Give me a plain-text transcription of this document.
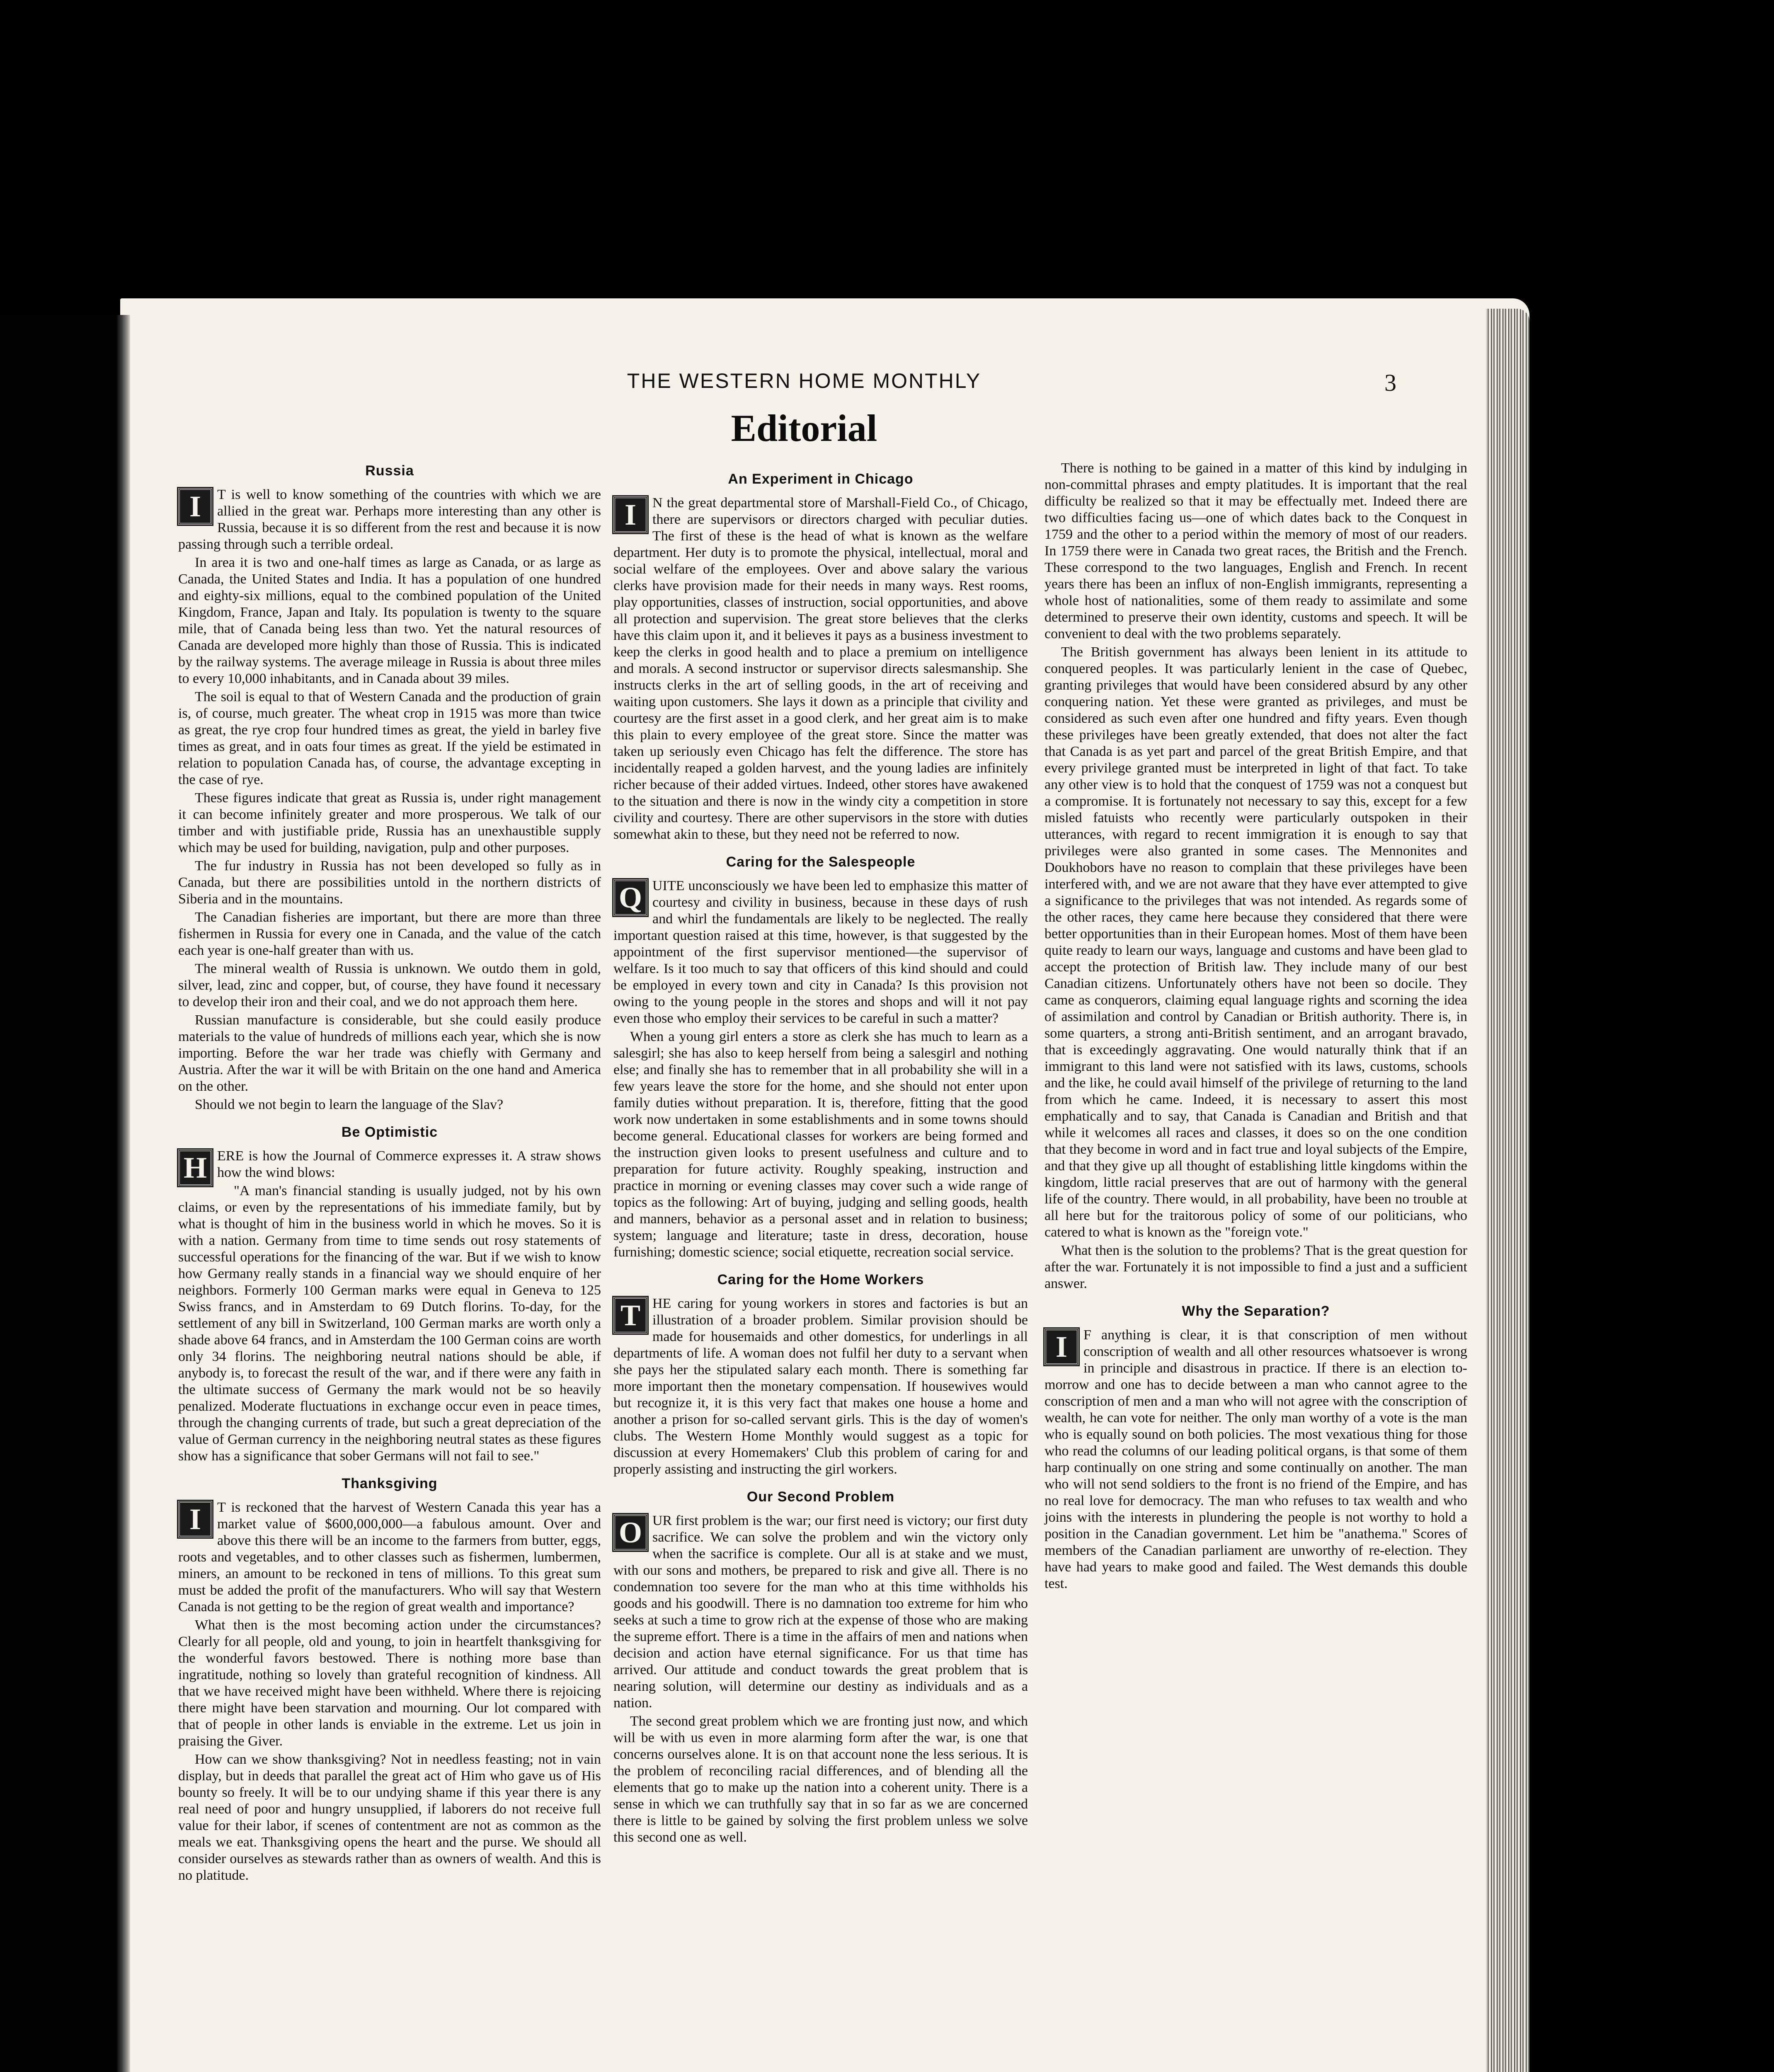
THE WESTERN HOME MONTHLY	3
Editorial
Russia
I	T is well to know something of the countries with which we are allied in the great war. Perhaps more interesting than any other is Russia, because it is so different from the rest and because it is now passing through such a terrible ordeal.

In area it is two and one-half times as large as Canada, or as large as Canada, the United States and India. It has a population of one hundred and eighty-six millions, equal to the combined population of the United Kingdom, France, Japan and Italy. Its population is twenty to the square mile, that of Canada being less than two. Yet the natural resources of Canada are developed more highly than those of Russia. This is indicated by the railway systems. The average mileage in Russia is about three miles to every 10,000 inhabitants, and in Canada about 39 miles.

The soil is equal to that of Western Canada and the production of grain is, of course, much greater. The wheat crop in 1915 was more than twice as great, the rye crop four hundred times as great, the yield in barley five times as great, and in oats four times as great. If the yield be estimated in relation to population Canada has, of course, the advantage excepting in the case of rye.

These figures indicate that great as Russia is, under right management it can become infinitely greater and more prosperous. We talk of our timber and with justifiable pride, Russia has an unexhaustible supply which may be used for building, navigation, pulp and other purposes.

The fur industry in Russia has not been developed so fully as in Canada, but there are possibilities untold in the northern districts of Siberia and in the mountains.

The Canadian fisheries are important, but there are more than three fishermen in Russia for every one in Canada, and the value of the catch each year is one-half greater than with us.

The mineral wealth of Russia is unknown. We outdo them in gold, silver, lead, zinc and copper, but, of course, they have found it necessary to develop their iron and their coal, and we do not approach them here.

Russian manufacture is considerable, but she could easily produce materials to the value of hundreds of millions each year, which she is now importing. Before the war her trade was chiefly with Germany and Austria. After the war it will be with Britain on the one hand and America on the other.

Should we not begin to learn the language of the Slav?

Be Optimistic
H ERE is how the Journal of Commerce expresses it. A straw shows how the wind blows:

"A man's financial standing is usually judged, not by his own claims, or even by the representations of his immediate family, but by what is thought of him in the business world in which he moves. So it is with a nation. Germany from time to time sends out rosy statements of successful operations for the financing of the war. But if we wish to know how Germany really stands in a financial way we should enquire of her neighbors. Formerly 100 German marks were equal in Geneva to 125 Swiss francs, and in Amsterdam to 69 Dutch florins. To-day, for the settlement of any bill in Switzerland, 100 German marks are worth only a shade above 64 francs, and in Amsterdam the 100 German coins are worth only 34 florins. The neighboring neutral nations should be able, if anybody is, to forecast the result of the war, and if there were any faith in the ultimate success of Germany the mark would not be so heavily penalized. Moderate fluctuations in exchange occur even in peace times, through the changing currents of trade, but such a great depreciation of the value of German currency in the neighboring neutral states as these figures show has a significance that sober Germans will not fail to see."

Thanksgiving
I	T is reckoned that the harvest of Western Canada this year has a market value of $600,000,000—a fabulous amount. Over and above this there will be an income to the farmers from butter, eggs, roots and vegetables, and to other classes such as fishermen, lumbermen, miners, an amount to be reckoned in tens of millions. To this great sum must be added the profit of the manufacturers. Who will say that Western Canada is not getting to be the region of great wealth and importance?

What then is the most becoming action under the circumstances? Clearly for all people, old and young, to join in heartfelt thanksgiving for the wonderful favors bestowed. There is nothing more base than ingratitude, nothing so lovely than grateful recognition of kindness. All that we have received might have been withheld. Where there is rejoicing there might have been starvation and mourning. Our lot compared with that of people in other lands is enviable in the extreme. Let us join in praising the Giver.

How can we show thanksgiving? Not in needless feasting; not in vain display, but in deeds that parallel the great act of Him who gave us of His bounty so freely. It will be to our undying shame if this year there is any real need of poor and hungry unsupplied, if laborers do not receive full value for their labor, if scenes of contentment are not as common as the meals we eat. Thanksgiving opens the heart and the purse. We should all consider ourselves as stewards rather than as owners of wealth. And this is no platitude.

An Experiment in Chicago
I	N the great departmental store of Marshall-Field Co., of Chicago, there are supervisors or directors charged with peculiar duties. The first of these is the head of what is known as the welfare department. Her duty is to promote the physical, intellectual, moral and social welfare of the employees. Over and above salary the various clerks have provision made for their needs in many ways. Rest rooms, play opportunities, classes of instruction, social opportunities, and above all protection and supervision. The great store believes that the clerks have this claim upon it, and it believes it pays as a business investment to keep the clerks in good health and to place a premium on intelligence and morals. A second instructor or supervisor directs salesmanship. She instructs clerks in the art of selling goods, in the art of receiving and waiting upon customers. She lays it down as a principle that civility and courtesy are the first asset in a good clerk, and her great aim is to make this plain to every employee of the great store. Since the matter was taken up seriously even Chicago has felt the difference. The store has incidentally reaped a golden harvest, and the young ladies are infinitely richer because of their added virtues. Indeed, other stores have awakened to the situation and there is now in the windy city a competition in store civility and courtesy. There are other supervisors in the store with duties somewhat akin to these, but they need not be referred to now.

Caring for the Salespeople
Q UITE unconsciously we have been led to emphasize this matter of courtesy and civility in business, because in these days of rush and whirl the fundamentals are likely to be neglected. The really important question raised at this time, however, is that suggested by the appointment of the first supervisor mentioned—the supervisor of welfare. Is it too much to say that officers of this kind should and could be employed in every town and city in Canada? Is this provision not owing to the young people in the stores and shops and will it not pay even those who employ their services to be careful in such a matter?

When a young girl enters a store as clerk she has much to learn as a salesgirl; she has also to keep herself from being a salesgirl and nothing else; and finally she has to remember that in all probability she will in a few years leave the store for the home, and she should not enter upon family duties without preparation. It is, therefore, fitting that the good work now undertaken in some establishments and in some towns should become general. Educational classes for workers are being formed and the instruction given looks to present usefulness and culture and to preparation for future activity. Roughly speaking, instruction and practice in morning or evening classes may cover such a wide range of topics as the following: Art of buying, judging and selling goods, health and manners, behavior as a personal asset and in relation to business; system; language and literature; taste in dress, decoration, house furnishing; domestic science; social etiquette, recreation social service.

Caring for the Home Workers
T HE caring for young workers in stores and factories is but an illustration of a broader problem. Similar provision should be made for housemaids and other domestics, for underlings in all departments of life. A woman does not fulfil her duty to a servant when she pays her the stipulated salary each month. There is something far more important then the monetary compensation. If housewives would but recognize it, it is this very fact that makes one house a home and another a prison for so-called servant girls. This is the day of women's clubs. The Western Home Monthly would suggest as a topic for discussion at every Homemakers' Club this problem of caring for and properly assisting and instructing the girl workers.

Our Second Problem
O UR first problem is the war; our first need is victory; our first duty sacrifice. We can solve the problem and win the victory only when the sacrifice is complete. Our all is at stake and we must, with our sons and mothers, be prepared to risk and give all. There is no condemnation too severe for the man who at this time withholds his goods and his goodwill. There is no damnation too extreme for him who seeks at such a time to grow rich at the expense of those who are making the supreme effort. There is a time in the affairs of men and nations when decision and action have eternal significance. For us that time has arrived. Our attitude and conduct towards the great problem that is nearing solution, will determine our destiny as individuals and as a nation.

The second great problem which we are fronting just now, and which will be with us even in more alarming form after the war, is one that concerns ourselves alone. It is on that account none the less serious. It is the problem of reconciling racial differences, and of blending all the elements that go to make up the nation into a coherent unity. There is a sense in which we can truthfully say that in so far as we are concerned there is little to be gained by solving the first problem unless we solve this second one as well.

There is nothing to be gained in a matter of this kind by indulging in non-committal phrases and empty platitudes. It is important that the real difficulty be realized so that it may be effectually met. Indeed there are two difficulties facing us—one of which dates back to the Conquest in 1759 and the other to a period within the memory of most of our readers. In 1759 there were in Canada two great races, the British and the French. These correspond to the two languages, English and French. In recent years there has been an influx of non-English immigrants, representing a whole host of nationalities, some of them ready to assimilate and some determined to preserve their own identity, customs and speech. It will be convenient to deal with the two problems separately.

The British government has always been lenient in its attitude to conquered peoples. It was particularly lenient in the case of Quebec, granting privileges that would have been considered absurd by any other conquering nation. Yet these were granted as privileges, and must be considered as such even after one hundred and fifty years. Even though these privileges have been greatly extended, that does not alter the fact that Canada is as yet part and parcel of the great British Empire, and that every privilege granted must be interpreted in light of that fact. To take any other view is to hold that the conquest of 1759 was not a conquest but a compromise. It is fortunately not necessary to say this, except for a few misled fatuists who recently were particularly outspoken in their utterances, with regard to recent immigration it is enough to say that privileges were also granted in some cases. The Mennonites and Doukhobors have no reason to complain that these privileges have been interfered with, and we are not aware that they have ever attempted to give a significance to the privileges that was not intended. As regards some of the other races, they came here because they considered that there were better opportunities than in their European homes. Most of them have been quite ready to learn our ways, language and customs and have been glad to accept the protection of British law. They include many of our best Canadian citizens. Unfortunately others have not been so docile. They came as conquerors, claiming equal language rights and scorning the idea of assimilation and control by Canadian or British authority. There is, in some quarters, a strong anti-British sentiment, and an arrogant bravado, that is exceedingly aggravating. One would naturally think that if an immigrant to this land were not satisfied with its laws, customs, schools and the like, he could avail himself of the privilege of returning to the land from which he came. Indeed, it is necessary to assert this most emphatically and to say, that Canada is Canadian and British and that while it welcomes all races and classes, it does so on the one condition that they become in word and in fact true and loyal subjects of the Empire, and that they give up all thought of establishing little kingdoms within the kingdom, little racial preserves that are out of harmony with the general life of the country. There would, in all probability, have been no trouble at all here but for the traitorous policy of some of our politicians, who catered to what is known as the "foreign vote."

What then is the solution to the problems? That is the great question for after the war. Fortunately it is not impossible to find a just and a sufficient answer.

Why the Separation?
I	F anything is clear, it is that conscription of men without conscription of wealth and all other resources whatsoever is wrong in principle and disastrous in practice. If there is an election to-morrow and one has to decide between a man who cannot agree to the conscription of men and a man who will not agree with the conscription of wealth, he can vote for neither. The only man worthy of a vote is the man who is equally sound on both policies. The most vexatious thing for those who read the columns of our leading political organs, is that some of them harp continually on one string and some continually on another. The man who will not send soldiers to the front is no friend of the Empire, and has no real love for democracy. The man who refuses to tax wealth and who joins with the interests in plundering the people is not worthy to hold a position in the Canadian government. Let him be "anathema." Scores of members of the Canadian parliament are unworthy of re-election. They have had years to make good and failed. The West demands this double test.
